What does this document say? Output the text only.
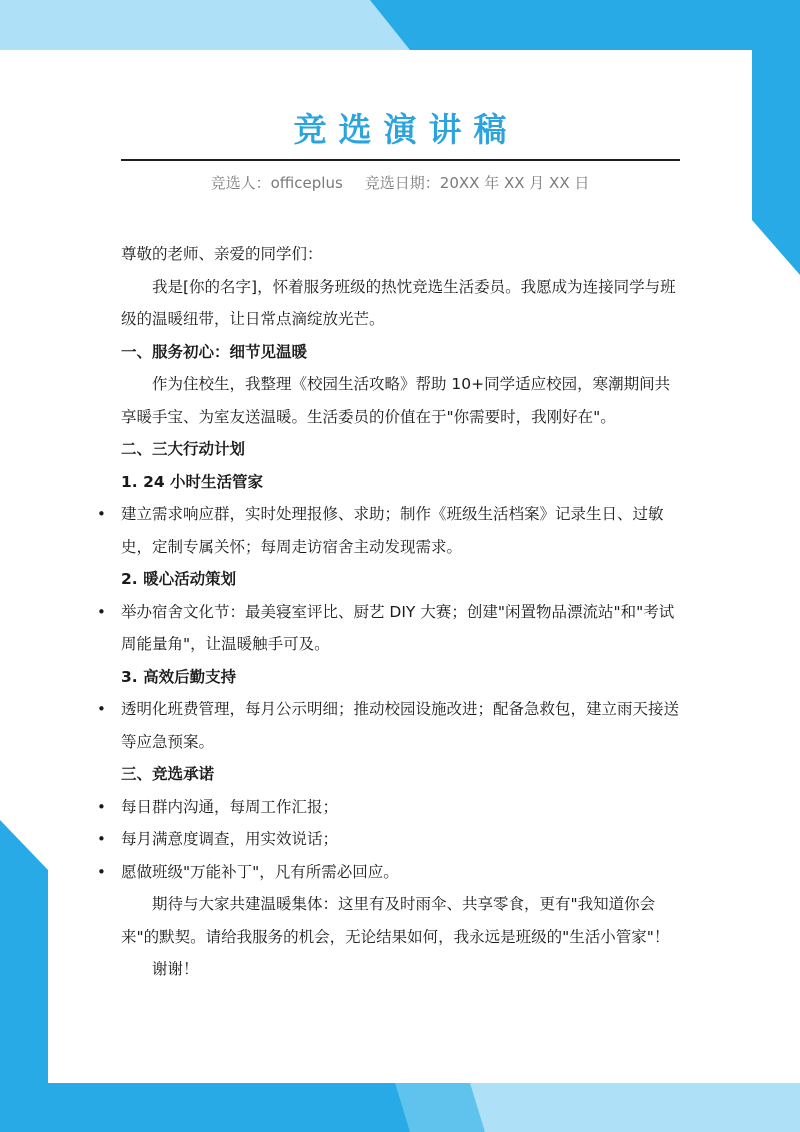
竞选演讲稿
竞选人：officeplus 竞选日期：20XX 年 XX 月 XX 日

尊敬的老师、亲爱的同学们：

我是[你的名字]，怀着服务班级的热忱竞选生活委员。我愿成为连接同学与班级的温暖纽带，让日常点滴绽放光芒。

一、服务初心：细节见温暖

作为住校生，我整理《校园生活攻略》帮助 10+同学适应校园，寒潮期间共享暖手宝、为室友送温暖。生活委员的价值在于"你需要时，我刚好在"。

二、三大行动计划

1. 24 小时生活管家

• 建立需求响应群，实时处理报修、求助；制作《班级生活档案》记录生日、过敏史，定制专属关怀；每周走访宿舍主动发现需求。

2. 暖心活动策划

• 举办宿舍文化节：最美寝室评比、厨艺 DIY 大赛；创建"闲置物品漂流站"和"考试周能量角"，让温暖触手可及。

3. 高效后勤支持

• 透明化班费管理，每月公示明细；推动校园设施改进；配备急救包，建立雨天接送等应急预案。

三、竞选承诺

• 每日群内沟通，每周工作汇报；

• 每月满意度调查，用实效说话；

• 愿做班级"万能补丁"，凡有所需必回应。

期待与大家共建温暖集体：这里有及时雨伞、共享零食，更有"我知道你会来"的默契。请给我服务的机会，无论结果如何，我永远是班级的"生活小管家"！

谢谢！
